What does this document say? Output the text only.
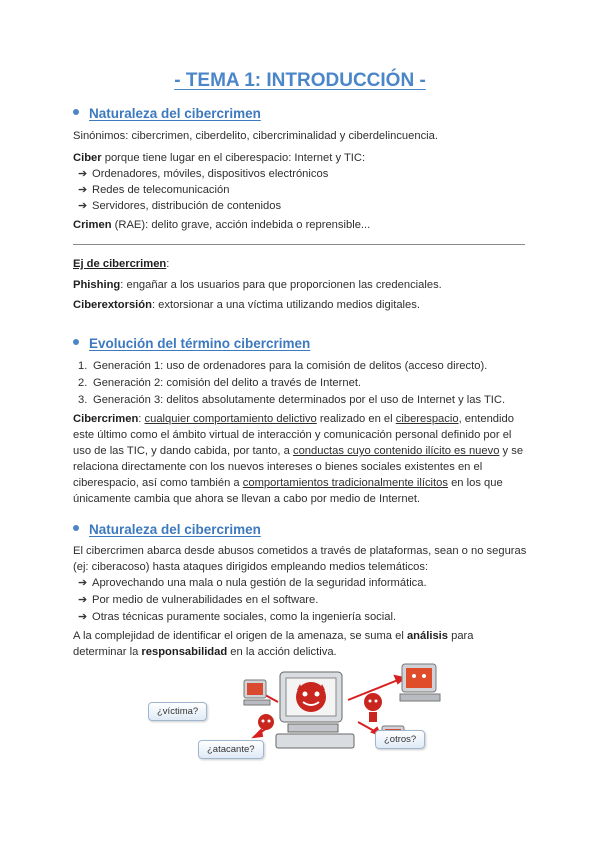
- TEMA 1: INTRODUCCIÓN -
Naturaleza del cibercrimen
Sinónimos: cibercrimen, ciberdelito, cibercriminalidad y ciberdelincuencia.
Ciber porque tiene lugar en el ciberespacio: Internet y TIC:
➔ Ordenadores, móviles, dispositivos electrónicos
➔ Redes de telecomunicación
➔ Servidores, distribución de contenidos
Crimen (RAE): delito grave, acción indebida o reprensible...
Ej de cibercrimen:
Phishing: engañar a los usuarios para que proporcionen las credenciales.
Ciberextorsión: extorsionar a una víctima utilizando medios digitales.
Evolución del término cibercrimen
1. Generación 1: uso de ordenadores para la comisión de delitos (acceso directo).
2. Generación 2: comisión del delito a través de Internet.
3. Generación 3: delitos absolutamente determinados por el uso de Internet y las TIC.
Cibercrimen: cualquier comportamiento delictivo realizado en el ciberespacio, entendido
este último como el ámbito virtual de interacción y comunicación personal definido por el
uso de las TIC, y dando cabida, por tanto, a conductas cuyo contenido ilícito es nuevo y se
relaciona directamente con los nuevos intereses o bienes sociales existentes en el
ciberespacio, así como también a comportamientos tradicionalmente ilícitos en los que
únicamente cambia que ahora se llevan a cabo por medio de Internet.
Naturaleza del cibercrimen
El cibercrimen abarca desde abusos cometidos a través de plataformas, sean o no seguras
(ej: ciberacoso) hasta ataques dirigidos empleando medios telemáticos:
➔ Aprovechando una mala o nula gestión de la seguridad informática.
➔ Por medio de vulnerabilidades en el software.
➔ Otras técnicas puramente sociales, como la ingeniería social.
A la complejidad de identificar el origen de la amenaza, se suma el análisis para
determinar la responsabilidad en la acción delictiva.
¿víctima?
¿atacante?
¿otros?
